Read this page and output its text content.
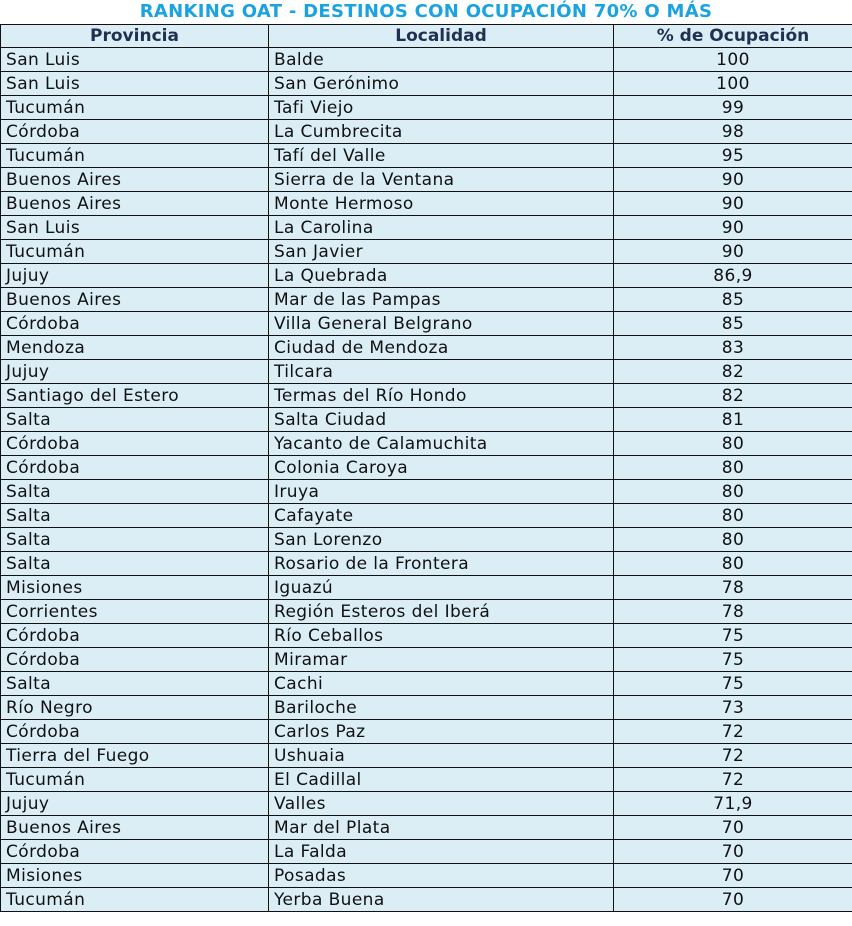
RANKING OAT - DESTINOS CON OCUPACIÓN 70% O MÁS
Provincia	Localidad	% de Ocupación
San Luis	Balde	100
San Luis	San Gerónimo	100
Tucumán	Tafi Viejo	99
Córdoba	La Cumbrecita	98
Tucumán	Tafí del Valle	95
Buenos Aires	Sierra de la Ventana	90
Buenos Aires	Monte Hermoso	90
San Luis	La Carolina	90
Tucumán	San Javier	90
Jujuy	La Quebrada	86,9
Buenos Aires	Mar de las Pampas	85
Córdoba	Villa General Belgrano	85
Mendoza	Ciudad de Mendoza	83
Jujuy	Tilcara	82
Santiago del Estero	Termas del Río Hondo	82
Salta	Salta Ciudad	81
Córdoba	Yacanto de Calamuchita	80
Córdoba	Colonia Caroya	80
Salta	Iruya	80
Salta	Cafayate	80
Salta	San Lorenzo	80
Salta	Rosario de la Frontera	80
Misiones	Iguazú	78
Corrientes	Región Esteros del Iberá	78
Córdoba	Río Ceballos	75
Córdoba	Miramar	75
Salta	Cachi	75
Río Negro	Bariloche	73
Córdoba	Carlos Paz	72
Tierra del Fuego	Ushuaia	72
Tucumán	El Cadillal	72
Jujuy	Valles	71,9
Buenos Aires	Mar del Plata	70
Córdoba	La Falda	70
Misiones	Posadas	70
Tucumán	Yerba Buena	70
